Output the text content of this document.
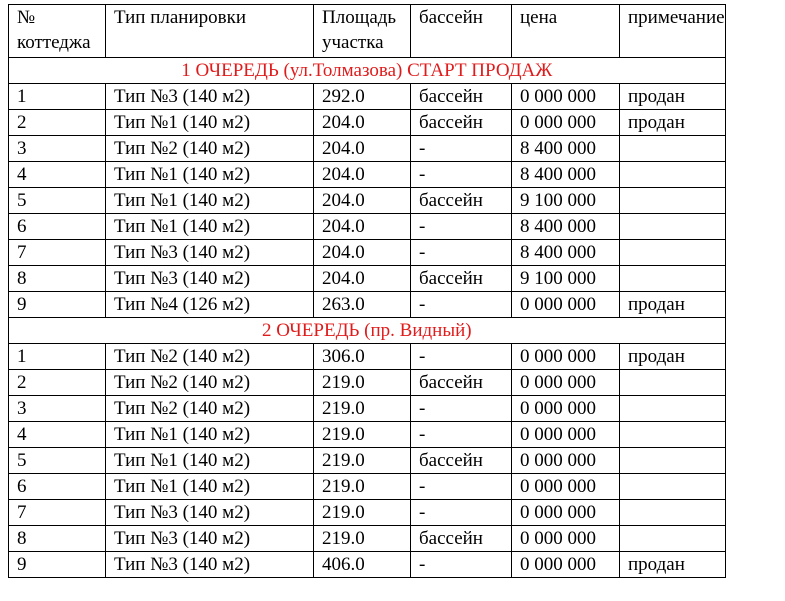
№ коттеджа	Тип планировки	Площадь участка	бассейн	цена	примечание
1 ОЧЕРЕДЬ (ул.Толмазова) СТАРТ ПРОДАЖ					
1	Тип №3 (140 м2)	292.0	бассейн	0 000 000	продан
2	Тип №1 (140 м2)	204.0	бассейн	0 000 000	продан
3	Тип №2 (140 м2)	204.0	-	8 400 000	
4	Тип №1 (140 м2)	204.0	-	8 400 000	
5	Тип №1 (140 м2)	204.0	бассейн	9 100 000	
6	Тип №1 (140 м2)	204.0	-	8 400 000	
7	Тип №3 (140 м2)	204.0	-	8 400 000	
8	Тип №3 (140 м2)	204.0	бассейн	9 100 000	
9	Тип №4 (126 м2)	263.0	-	0 000 000	продан
2 ОЧЕРЕДЬ (пр. Видный)					
1	Тип №2 (140 м2)	306.0	-	0 000 000	продан
2	Тип №2 (140 м2)	219.0	бассейн	0 000 000	
3	Тип №2 (140 м2)	219.0	-	0 000 000	
4	Тип №1 (140 м2)	219.0	-	0 000 000	
5	Тип №1 (140 м2)	219.0	бассейн	0 000 000	
6	Тип №1 (140 м2)	219.0	-	0 000 000	
7	Тип №3 (140 м2)	219.0	-	0 000 000	
8	Тип №3 (140 м2)	219.0	бассейн	0 000 000	
9	Тип №3 (140 м2)	406.0	-	0 000 000	продан
